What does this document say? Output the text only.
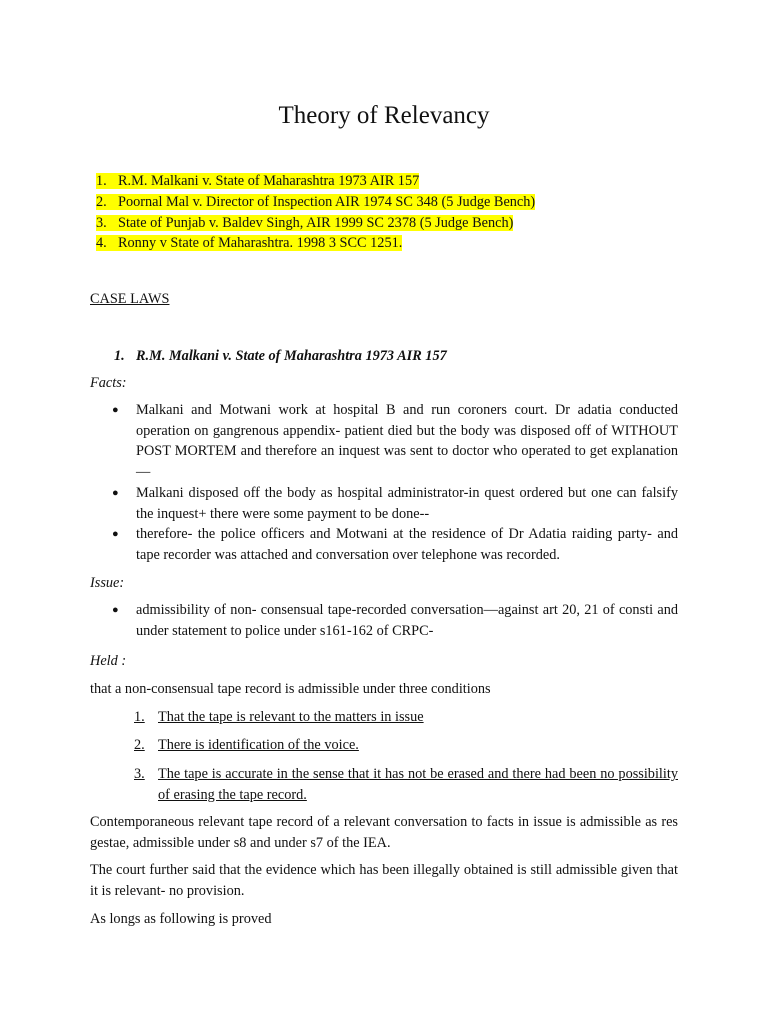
Theory of Relevancy
1. R.M. Malkani v. State of Maharashtra 1973 AIR 157
2. Poornal Mal v. Director of Inspection AIR 1974 SC 348 (5 Judge Bench)
3. State of Punjab v. Baldev Singh, AIR 1999 SC 2378 (5 Judge Bench)
4. Ronny v State of Maharashtra. 1998 3 SCC 1251.
CASE LAWS
1. R.M. Malkani v. State of Maharashtra 1973 AIR 157
Facts:
● Malkani and Motwani work at hospital B and run coroners court. Dr adatia conducted operation on gangrenous appendix- patient died but the body was disposed off of WITHOUT POST MORTEM and therefore an inquest was sent to doctor who operated to get explanation—
● Malkani disposed off the body as hospital administrator-in quest ordered but one can falsify the inquest+ there were some payment to be done--
● therefore- the police officers and Motwani at the residence of Dr Adatia raiding party- and tape recorder was attached and conversation over telephone was recorded.
Issue:
● admissibility of non- consensual tape-recorded conversation—against art 20, 21 of consti and under statement to police under s161-162 of CRPC-
Held :

that a non-consensual tape record is admissible under three conditions

1. That the tape is relevant to the matters in issue
2. There is identification of the voice.
3. The tape is accurate in the sense that it has not be erased and there had been no possibility of erasing the tape record.

Contemporaneous relevant tape record of a relevant conversation to facts in issue is admissible as res gestae, admissible under s8 and under s7 of the IEA.

The court further said that the evidence which has been illegally obtained is still admissible given that it is relevant- no provision.

As longs as following is proved
